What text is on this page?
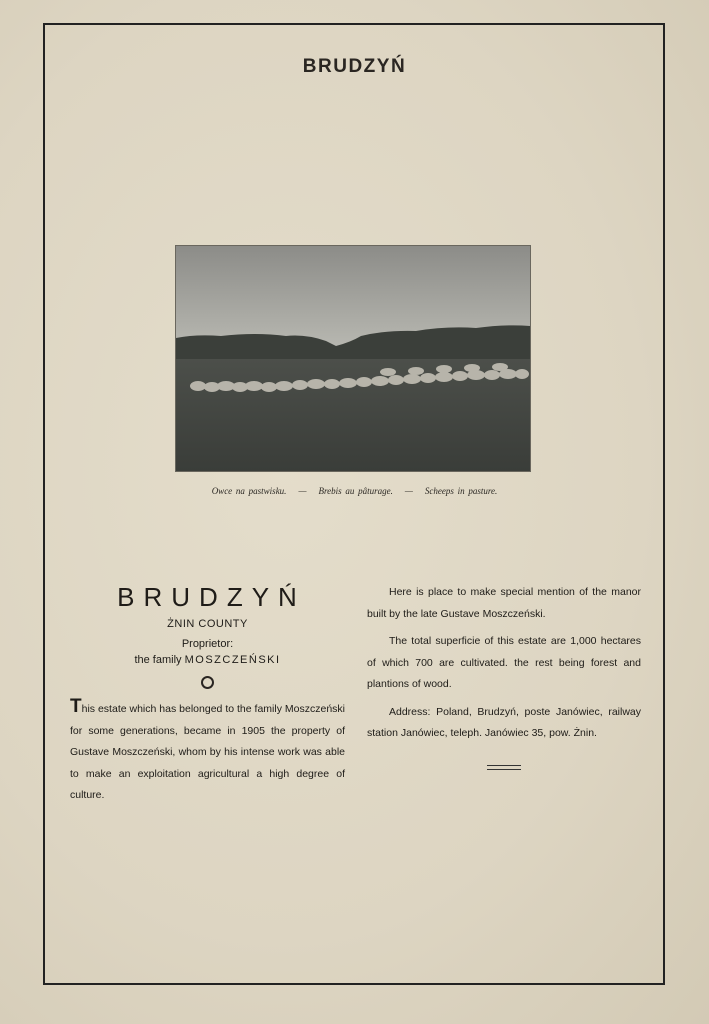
BRUDZYŃ
Owce na pastwisku. — Brebis au pâturage. — Scheeps in pasture.
BRUDZYŃ
ŻNIN COUNTY
Proprietor:
the family MOSZCZEŃSKI
This estate which has belonged to the family Moszczeński for some generations, became in 1905 the property of Gustave Moszczeński, whom by his intense work was able to make an exploitation agricultural a high degree of culture.

Here is place to make special mention of the manor built by the late Gustave Moszczeński.

The total superficie of this estate are 1,000 hectares of which 700 are cultivated. the rest being forest and plantions of wood.

Address: Poland, Brudzyń, poste Janówiec, railway station Janówiec, teleph. Janówiec 35, pow. Żnin.
